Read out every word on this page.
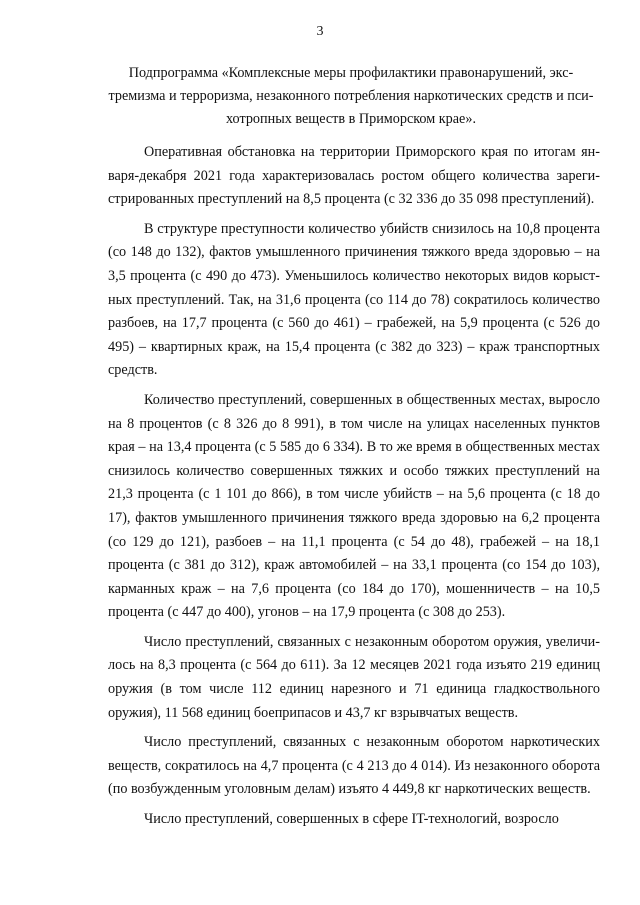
3
Подпрограмма «Комплексные меры профилактики правонарушений, экстремизма и терроризма, незаконного потребления наркотических средств и психотропных веществ в Приморском крае».

Оперативная обстановка на территории Приморского края по итогам января-декабря 2021 года характеризовалась ростом общего количества зарегистрированных преступлений на 8,5 процента (с 32 336 до 35 098 преступлений).

В структуре преступности количество убийств снизилось на 10,8 процента (со 148 до 132), фактов умышленного причинения тяжкого вреда здоровью – на 3,5 процента (с 490 до 473). Уменьшилось количество некоторых видов корыстных преступлений. Так, на 31,6 процента (со 114 до 78) сократилось количество разбоев, на 17,7 процента (с 560 до 461) – грабежей, на 5,9 процента (с 526 до 495) – квартирных краж, на 15,4 процента (с 382 до 323) – краж транспортных средств.

Количество преступлений, совершенных в общественных местах, выросло на 8 процентов (с 8 326 до 8 991), в том числе на улицах населенных пунктов края – на 13,4 процента (с 5 585 до 6 334). В то же время в общественных местах снизилось количество совершенных тяжких и особо тяжких преступлений на 21,3 процента (с 1 101 до 866), в том числе убийств – на 5,6 процента (с 18 до 17), фактов умышленного причинения тяжкого вреда здоровью на 6,2 процента (со 129 до 121), разбоев – на 11,1 процента (с 54 до 48), грабежей – на 18,1 процента (с 381 до 312), краж автомобилей – на 33,1 процента (со 154 до 103), карманных краж – на 7,6 процента (со 184 до 170), мошенничеств – на 10,5 процента (с 447 до 400), угонов – на 17,9 процента (с 308 до 253).

Число преступлений, связанных с незаконным оборотом оружия, увеличилось на 8,3 процента (с 564 до 611). За 12 месяцев 2021 года изъято 219 единиц оружия (в том числе 112 единиц нарезного и 71 единица гладкоствольного оружия), 11 568 единиц боеприпасов и 43,7 кг взрывчатых веществ.

Число преступлений, связанных с незаконным оборотом наркотических веществ, сократилось на 4,7 процента (с 4 213 до 4 014). Из незаконного оборота (по возбужденным уголовным делам) изъято 4 449,8 кг наркотических веществ.

Число преступлений, совершенных в сфере IT-технологий, возросло
